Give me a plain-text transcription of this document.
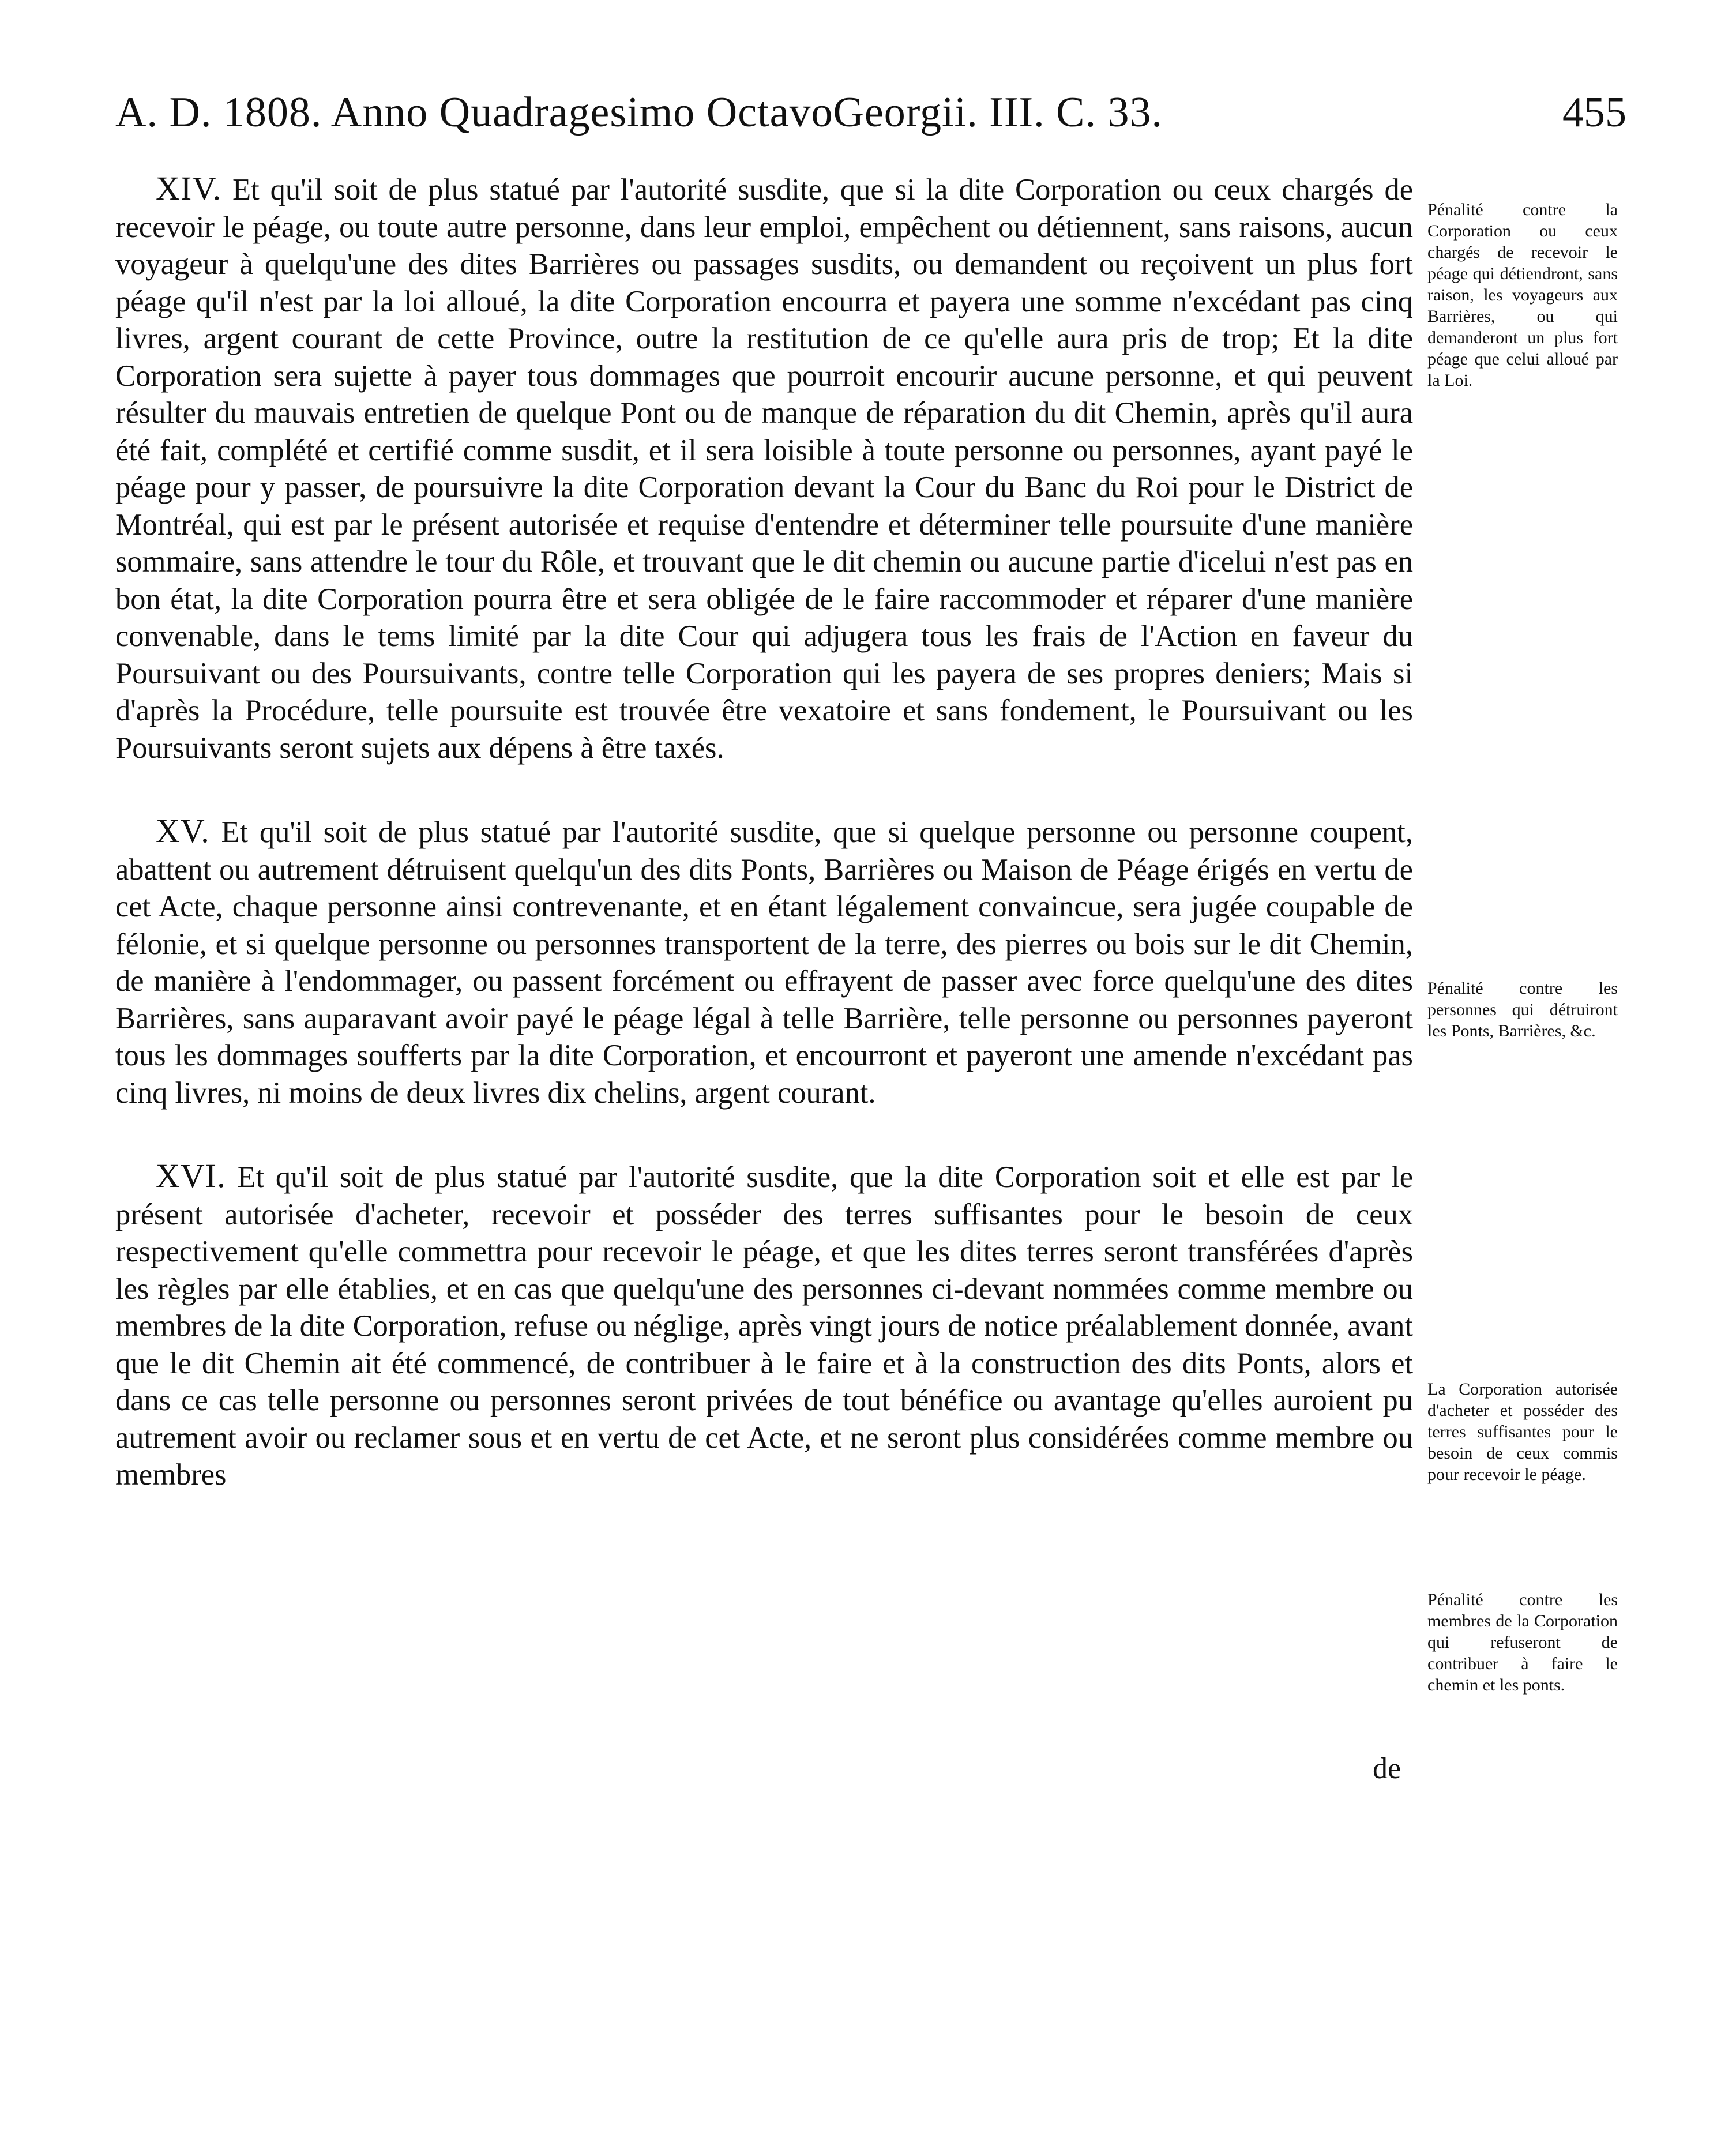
A. D. 1808. Anno Quadragesimo OctavoGeorgii. III. C. 33.	455

XIV. Et qu'il soit de plus statué par l'autorité susdite, que si la dite Corporation ou ceux chargés de recevoir le péage, ou toute autre personne, dans leur emploi, empêchent ou détiennent, sans raisons, aucun voyageur à quelqu'une des dites Barrières ou passages susdits, ou demandent ou reçoivent un plus fort péage qu'il n'est par la loi alloué, la dite Corporation encourra et payera une somme n'excédant pas cinq livres, argent courant de cette Province, outre la restitution de ce qu'elle aura pris de trop; Et la dite Corporation sera sujette à payer tous dommages que pourroit encourir aucune personne, et qui peuvent résulter du mauvais entretien de quelque Pont ou de manque de réparation du dit Chemin, après qu'il aura été fait, complété et certifié comme susdit, et il sera loisible à toute personne ou personnes, ayant payé le péage pour y passer, de poursuivre la dite Corporation devant la Cour du Banc du Roi pour le District de Montréal, qui est par le présent autorisée et requise d'entendre et déterminer telle poursuite d'une manière sommaire, sans attendre le tour du Rôle, et trouvant que le dit chemin ou aucune partie d'icelui n'est pas en bon état, la dite Corporation pourra être et sera obligée de le faire raccommoder et réparer d'une manière convenable, dans le tems limité par la dite Cour qui adjugera tous les frais de l'Action en faveur du Poursuivant ou des Poursuivants, contre telle Corporation qui les payera de ses propres deniers; Mais si d'après la Procédure, telle poursuite est trouvée être vexatoire et sans fondement, le Poursuivant ou les Poursuivants seront sujets aux dépens à être taxés.

XV. Et qu'il soit de plus statué par l'autorité susdite, que si quelque personne ou personne coupent, abattent ou autrement détruisent quelqu'un des dits Ponts, Barrières ou Maison de Péage érigés en vertu de cet Acte, chaque personne ainsi contrevenante, et en étant légalement convaincue, sera jugée coupable de félonie, et si quelque personne ou personnes transportent de la terre, des pierres ou bois sur le dit Chemin, de manière à l'endommager, ou passent forcément ou effrayent de passer avec force quelqu'une des dites Barrières, sans auparavant avoir payé le péage légal à telle Barrière, telle personne ou personnes payeront tous les dommages soufferts par la dite Corporation, et encourront et payeront une amende n'excédant pas cinq livres, ni moins de deux livres dix chelins, argent courant.

XVI. Et qu'il soit de plus statué par l'autorité susdite, que la dite Corporation soit et elle est par le présent autorisée d'acheter, recevoir et posséder des terres suffisantes pour le besoin de ceux respectivement qu'elle commettra pour recevoir le péage, et que les dites terres seront transférées d'après les règles par elle établies, et en cas que quelqu'une des personnes ci-devant nommées comme membre ou membres de la dite Corporation, refuse ou néglige, après vingt jours de notice préalablement donnée, avant que le dit Chemin ait été commencé, de contribuer à le faire et à la construction des dits Ponts, alors et dans ce cas telle personne ou personnes seront privées de tout bénéfice ou avantage qu'elles auroient pu autrement avoir ou reclamer sous et en vertu de cet Acte, et ne seront plus considérées comme membre ou membres

de
Pénalité contre la Corporation ou ceux chargés de recevoir le péage qui détiendront, sans raison, les voyageurs aux Barrières, ou qui demanderont un plus fort péage que celui alloué par la Loi.
Pénalité contre les personnes qui détruiront les Ponts, Barrières, &c.
La Corporation autorisée d'acheter et posséder des terres suffisantes pour le besoin de ceux commis pour recevoir le péage.
Pénalité contre les membres de la Corporation qui refuseront de contribuer à faire le chemin et les ponts.
